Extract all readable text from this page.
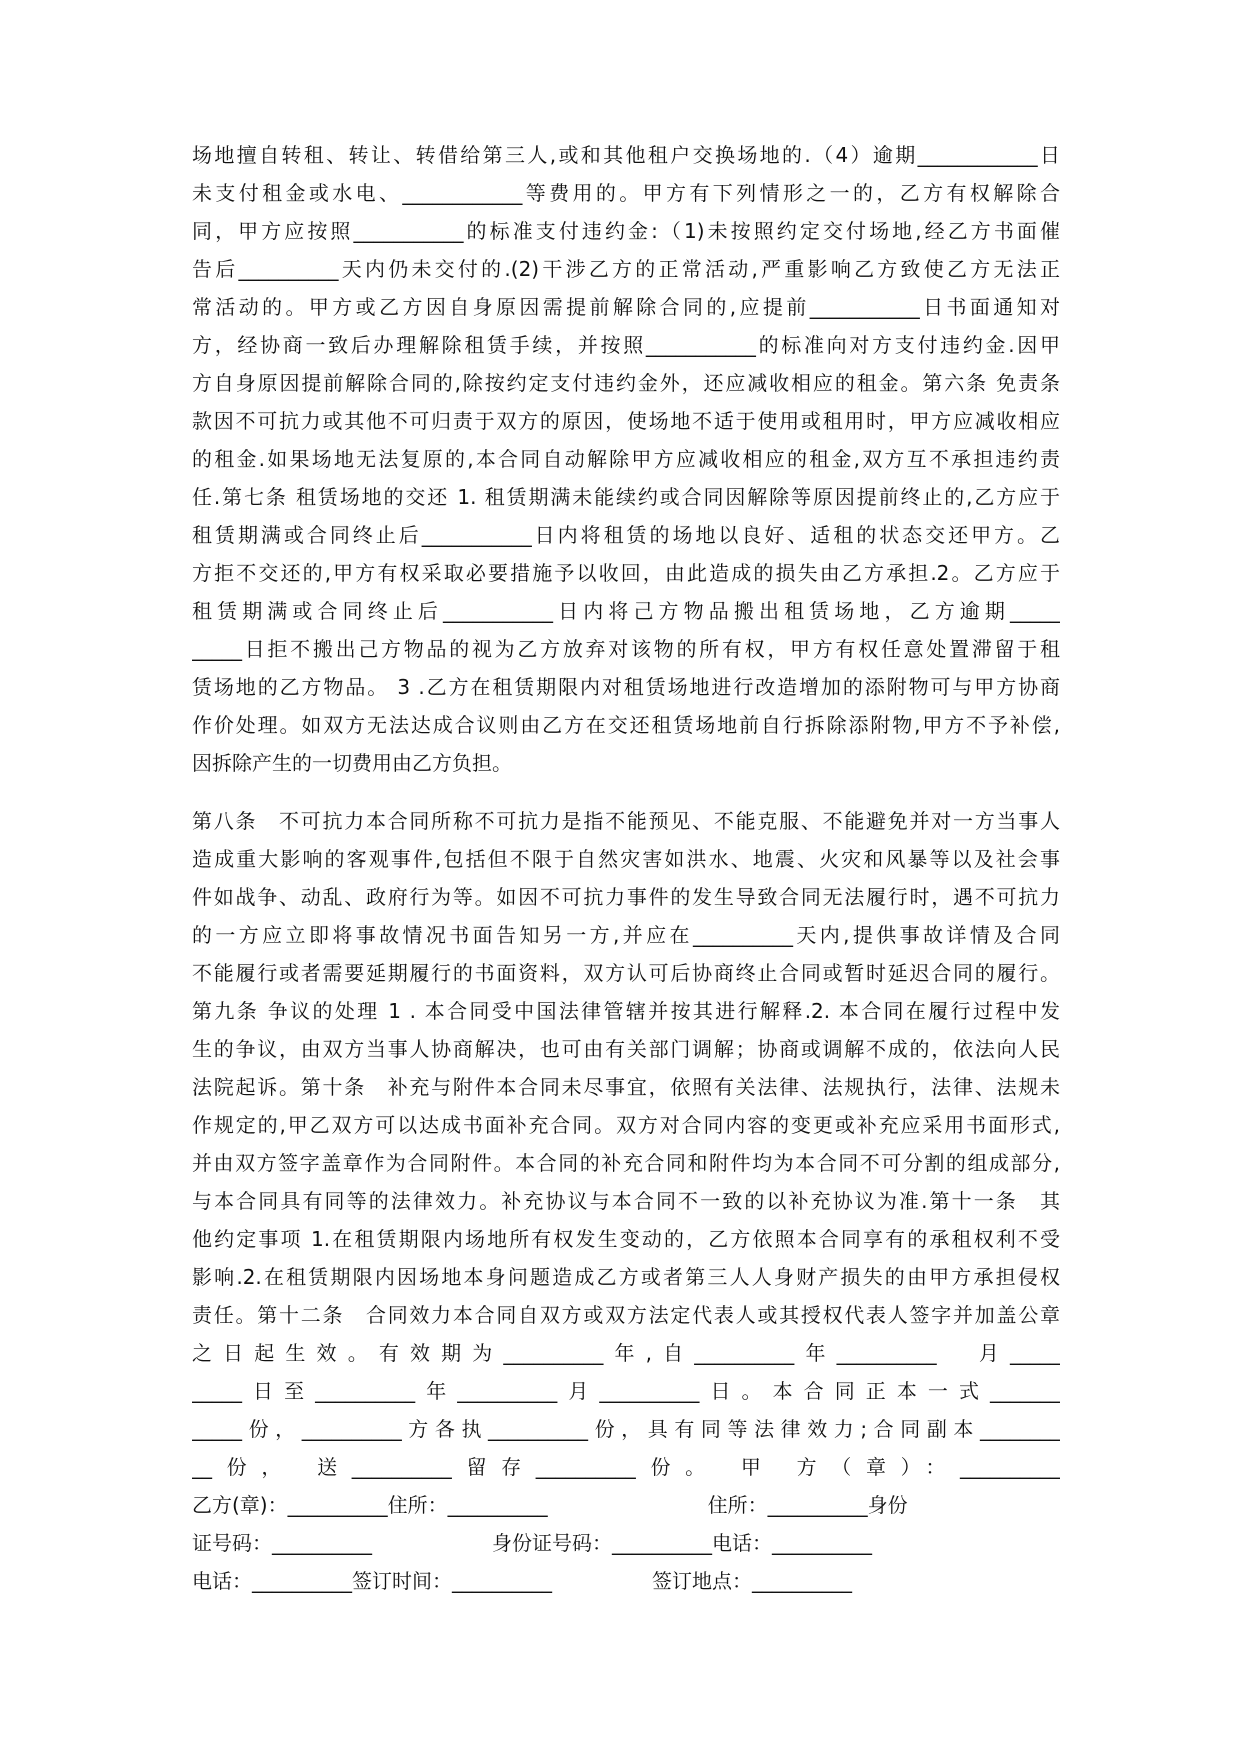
场地擅自转租、转让、转借给第三人,或和其他租户交换场地的.（4）逾期____________日
未支付租金或水电、____________等费用的。甲方有下列情形之一的，乙方有权解除合
同，甲方应按照___________的标准支付违约金:（1)未按照约定交付场地,经乙方书面催
告后__________天内仍未交付的.(2)干涉乙方的正常活动,严重影响乙方致使乙方无法正
常活动的。甲方或乙方因自身原因需提前解除合同的,应提前___________日书面通知对
方，经协商一致后办理解除租赁手续，并按照___________的标准向对方支付违约金.因甲
方自身原因提前解除合同的,除按约定支付违约金外，还应减收相应的租金。第六条 免责条
款因不可抗力或其他不可归责于双方的原因，使场地不适于使用或租用时，甲方应减收相应
的租金.如果场地无法复原的,本合同自动解除甲方应减收相应的租金,双方互不承担违约责
任.第七条 租赁场地的交还 1. 租赁期满未能续约或合同因解除等原因提前终止的,乙方应于
租赁期满或合同终止后___________日内将租赁的场地以良好、适租的状态交还甲方。乙
方拒不交还的,甲方有权采取必要措施予以收回，由此造成的损失由乙方承担.2。乙方应于
租赁期满或合同终止后___________日内将己方物品搬出租赁场地，乙方逾期_____
_____日拒不搬出己方物品的视为乙方放弃对该物的所有权，甲方有权任意处置滞留于租
赁场地的乙方物品。 3 .乙方在租赁期限内对租赁场地进行改造增加的添附物可与甲方协商
作价处理。如双方无法达成合议则由乙方在交还租赁场地前自行拆除添附物,甲方不予补偿,
因拆除产生的一切费用由乙方负担。
第八条　不可抗力本合同所称不可抗力是指不能预见、不能克服、不能避免并对一方当事人
造成重大影响的客观事件,包括但不限于自然灾害如洪水、地震、火灾和风暴等以及社会事
件如战争、动乱、政府行为等。如因不可抗力事件的发生导致合同无法履行时，遇不可抗力
的一方应立即将事故情况书面告知另一方,并应在__________天内,提供事故详情及合同
不能履行或者需要延期履行的书面资料，双方认可后协商终止合同或暂时延迟合同的履行。
第九条 争议的处理 1 . 本合同受中国法律管辖并按其进行解释.2. 本合同在履行过程中发
生的争议，由双方当事人协商解决，也可由有关部门调解；协商或调解不成的，依法向人民
法院起诉。第十条　补充与附件本合同未尽事宜，依照有关法律、法规执行，法律、法规未
作规定的,甲乙双方可以达成书面补充合同。双方对合同内容的变更或补充应采用书面形式,
并由双方签字盖章作为合同附件。本合同的补充合同和附件均为本合同不可分割的组成部分,
与本合同具有同等的法律效力。补充协议与本合同不一致的以补充协议为准.第十一条　其
他约定事项 1.在租赁期限内场地所有权发生变动的，乙方依照本合同享有的承租权利不受
影响.2.在租赁期限内因场地本身问题造成乙方或者第三人人身财产损失的由甲方承担侵权
责任。第十二条　合同效力本合同自双方或双方法定代表人或其授权代表人签字并加盖公章
之日起生效。有效期为__________年,自__________年__________　月_____
_____日至__________年__________月__________日。本合同正本一式_______
_____份，__________方各执__________份，具有同等法律效力;合同副本________
__份， 送__________留存__________份。 甲 方（章）：__________
乙方(章)：__________住所：__________　　　　　　　　住所：__________身份
证号码：__________　　　　　　身份证号码：__________电话：__________
电话：__________签订时间：__________　　　　　签订地点：__________
